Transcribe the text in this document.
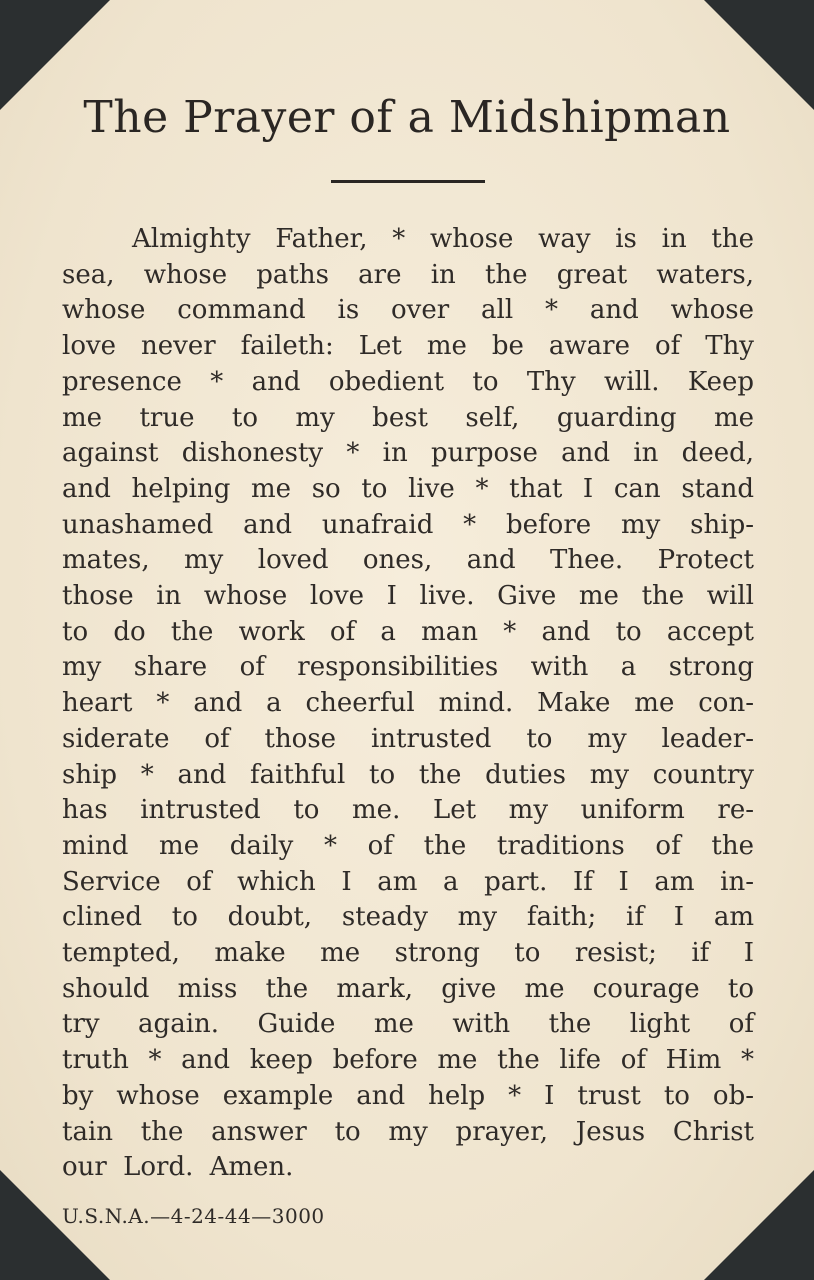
The Prayer of a Midshipman
Almighty Father, * whose way is in the
sea, whose paths are in the great waters,
whose command is over all * and whose
love never faileth: Let me be aware of Thy
presence * and obedient to Thy will. Keep
me true to my best self, guarding me
against dishonesty * in purpose and in deed,
and helping me so to live * that I can stand
unashamed and unafraid * before my ship-
mates, my loved ones, and Thee. Protect
those in whose love I live. Give me the will
to do the work of a man * and to accept
my share of responsibilities with a strong
heart * and a cheerful mind. Make me con-
siderate of those intrusted to my leader-
ship * and faithful to the duties my country
has intrusted to me. Let my uniform re-
mind me daily * of the traditions of the
Service of which I am a part. If I am in-
clined to doubt, steady my faith; if I am
tempted, make me strong to resist; if I
should miss the mark, give me courage to
try again. Guide me with the light of
truth * and keep before me the life of Him *
by whose example and help * I trust to ob-
tain the answer to my prayer, Jesus Christ
our Lord. Amen.
U.S.N.A.—4-24-44—3000
